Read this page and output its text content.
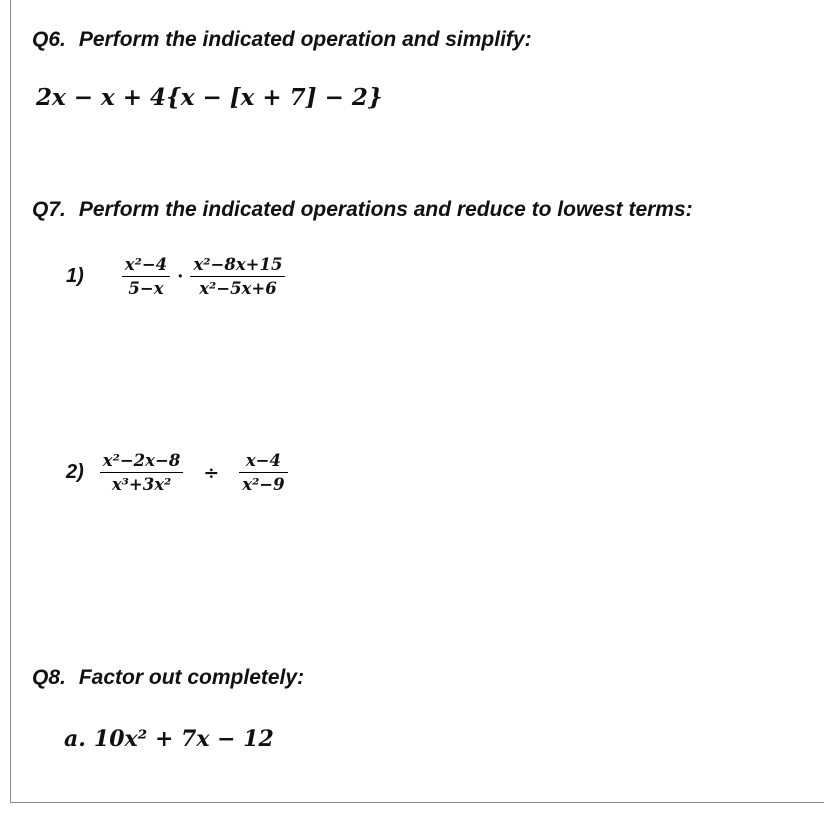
Q6. Perform the indicated operation and simplify:
2x − x + 4{x − [x + 7] − 2}
Q7. Perform the indicated operations and reduce to lowest terms:
$1) \frac{\text{x²−4}}{5-x} \cdot \frac{\text{x²−8x+15}}{\text{x²−5x+6}}$
$2) \frac{\text{x²−2x−8}}{\text{x³+3x²}} \div \frac{x-4}{\text{x²−9}}$
Q8. Factor out completely:
a. 10x² + 7x − 12
